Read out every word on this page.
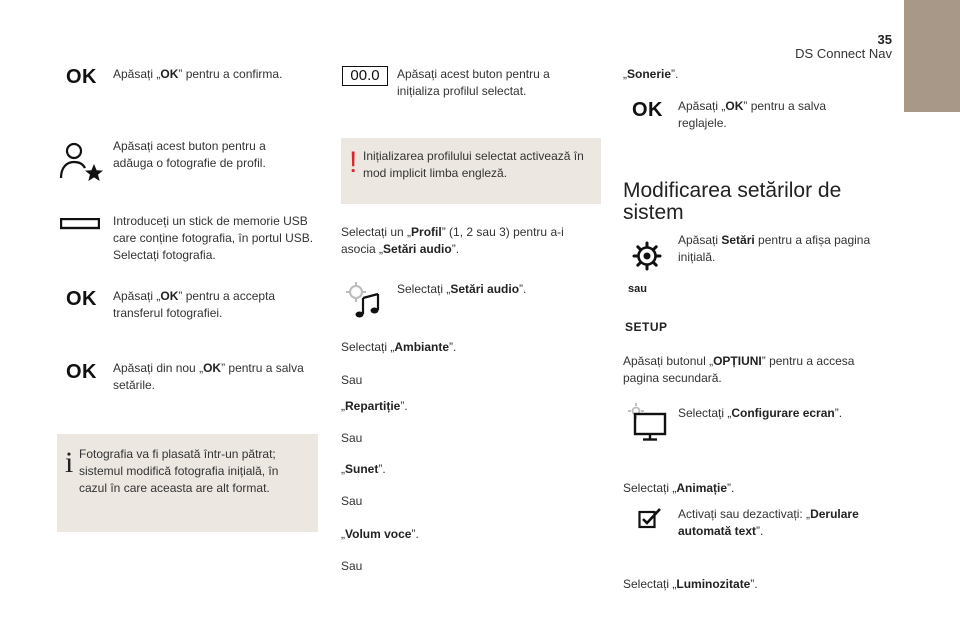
35
DS Connect Nav
OK Apăsați „OK” pentru a confirma.
Apăsați acest buton pentru a
adăuga o fotografie de profil.
Introduceți un stick de memorie USB
care conține fotografia, în portul USB.
Selectați fotografia.
OK Apăsați „OK” pentru a accepta
transferul fotografiei.
OK Apăsați din nou „OK” pentru a salva
setările.
i Fotografia va fi plasată într-un pătrat;
sistemul modifică fotografia inițială, în
cazul în care aceasta are alt format.
00.0	Apăsați acest buton pentru a
inițializa profilul selectat.
! Inițializarea profilului selectat activează în
mod implicit limba engleză.
Selectați un „Profil” (1, 2 sau 3) pentru a-i
asocia „Setări audio”.
Selectați „Setări audio”.
Selectați „Ambiante”.
Sau
„Repartiție”.
Sau
„Sunet”.
Sau
„Volum voce”.
Sau
„Sonerie”.
OK Apăsați „OK” pentru a salva
reglajele.
Modificarea setărilor de
sistem
Apăsați Setări pentru a afișa pagina
inițială.
sau
SETUP
Apăsați butonul „OPȚIUNI” pentru a accesa
pagina secundară.
Selectați „Configurare ecran”.
Selectați „Animație”.
Activați sau dezactivați: „Derulare
automată text”.
Selectați „Luminozitate”.
